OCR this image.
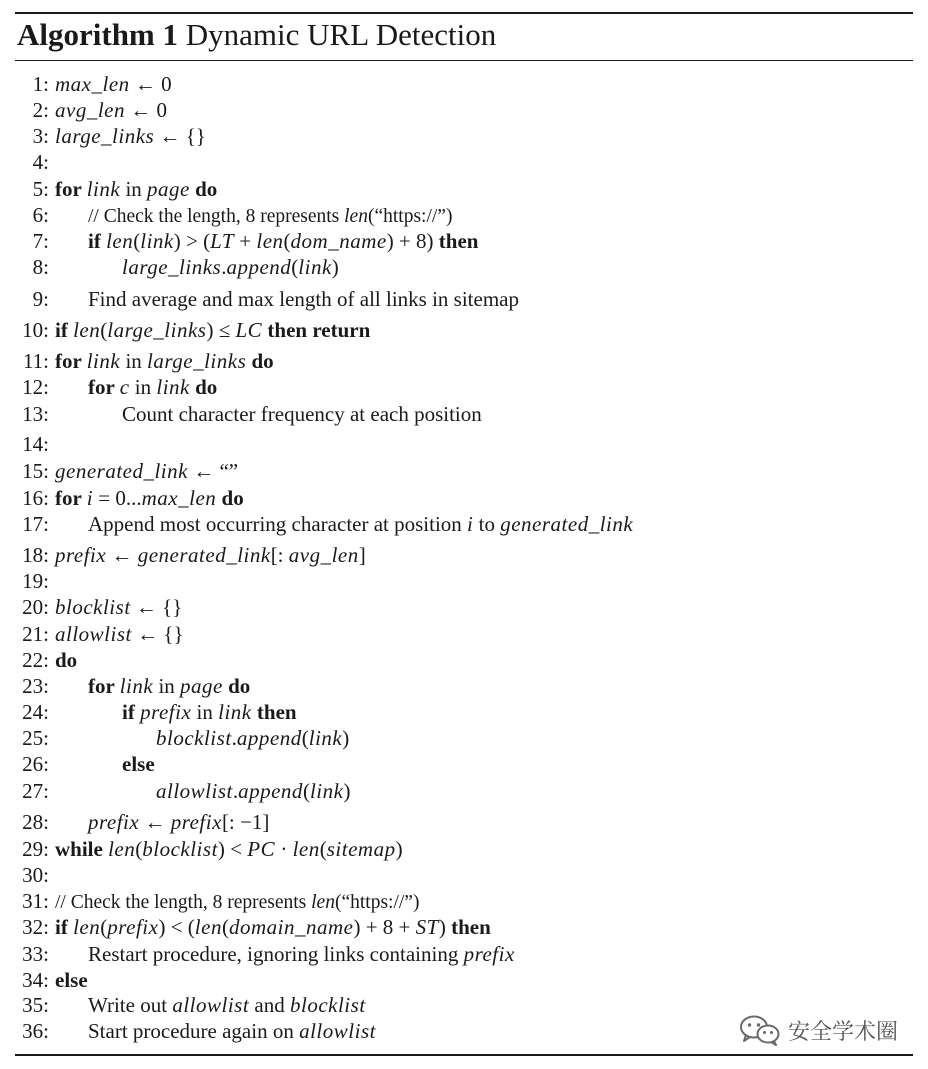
Algorithm 1 Dynamic URL Detection
1: max_len ← 0
2: avg_len ← 0
3: large_links ← {}
4:
5: for link in page do
6:	// Check the length, 8 represents len(“https://”)
7:	if len(link) > (LT + len(dom_name) + 8) then
8:	large_links.append(link)
9:	Find average and max length of all links in sitemap
10: if len(large_links) ≤ LC then return
11: for link in large_links do
12:	for c in link do
13:	Count character frequency at each position
14:
15: generated_link ← “”
16: for i = 0...max_len do
17:	Append most occurring character at position i to generated_link
18: prefix ← generated_link[: avg_len]
19:
20: blocklist ← {}
21: allowlist ← {}
22: do
23:	for link in page do
24:	if prefix in link then
25:	blocklist.append(link)
26:	else
27:	allowlist.append(link)
28:	prefix ← prefix[: −1]
29: while len(blocklist) < PC · len(sitemap)
30:
31: // Check the length, 8 represents len(“https://”)
32: if len(prefix) < (len(domain_name) + 8 + ST) then
33:	Restart procedure, ignoring links containing prefix
34: else
35:	Write out allowlist and blocklist
36:	Start procedure again on allowlist	安全学术圈
